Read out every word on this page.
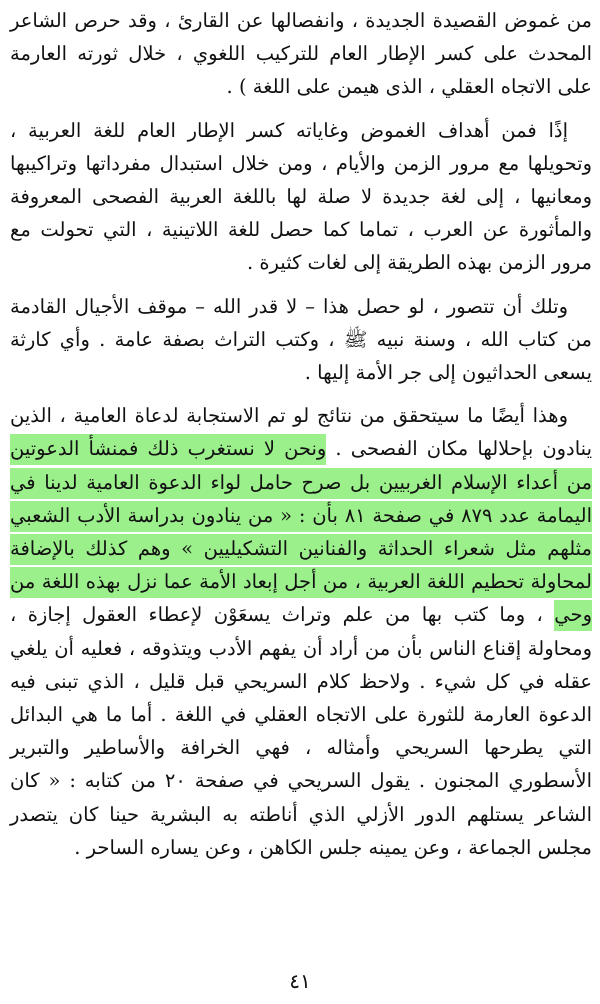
من غموض القصيدة الجديدة ، وانفصالها عن القارئ ، وقد حرص الشاعر المحدث على كسر الإطار العام للتركيب اللغوي ، خلال ثورته العارمة على الاتجاه العقلي ، الذى هيمن على اللغة ) .

إذًا فمن أهداف الغموض وغاياته كسر الإطار العام للغة العربية ، وتحويلها مع مرور الزمن والأيام ، ومن خلال استبدال مفرداتها وتراكيبها ومعانيها ، إلى لغة جديدة لا صلة لها باللغة العربية الفصحى المعروفة والمأثورة عن العرب ، تماما كما حصل للغة اللاتينية ، التي تحولت مع مرور الزمن بهذه الطريقة إلى لغات كثيرة .

وتلك أن تتصور ، لو حصل هذا – لا قدر الله – موقف الأجيال القادمة من كتاب الله ، وسنة نبيه ﷺ ، وكتب التراث بصفة عامة . وأي كارثة يسعى الحداثيون إلى جر الأمة إليها .

وهذا أيضًا ما سيتحقق من نتائج لو تم الاستجابة لدعاة العامية ، الذين ينادون بإحلالها مكان الفصحى . ونحن لا نستغرب ذلك فمنشأ الدعوتين من أعداء الإسلام الغربيين بل صرح حامل لواء الدعوة العامية لدينا في اليمامة عدد ٨٧٩ في صفحة ٨١ بأن : « من ينادون بدراسة الأدب الشعبي مثلهم مثل شعراء الحداثة والفنانين التشكيليين » وهم كذلك بالإضافة لمحاولة تحطيم اللغة العربية ، من أجل إبعاد الأمة عما نزل بهذه اللغة من وحي ، وما كتب بها من علم وتراث يسعَوْن لإعطاء العقول إجازة ، ومحاولة إقناع الناس بأن من أراد أن يفهم الأدب ويتذوقه ، فعليه أن يلغي عقله في كل شيء . ولاحظ كلام السريحي قبل قليل ، الذي تبنى فيه الدعوة العارمة للثورة على الاتجاه العقلي في اللغة . أما ما هي البدائل التي يطرحها السريحي وأمثاله ، فهي الخرافة والأساطير والتبرير الأسطوري المجنون . يقول السريحي في صفحة ٢٠ من كتابه : « كان الشاعر يستلهم الدور الأزلي الذي أناطته به البشرية حينا كان يتصدر مجلس الجماعة ، وعن يمينه جلس الكاهن ، وعن يساره الساحر .

٤١
